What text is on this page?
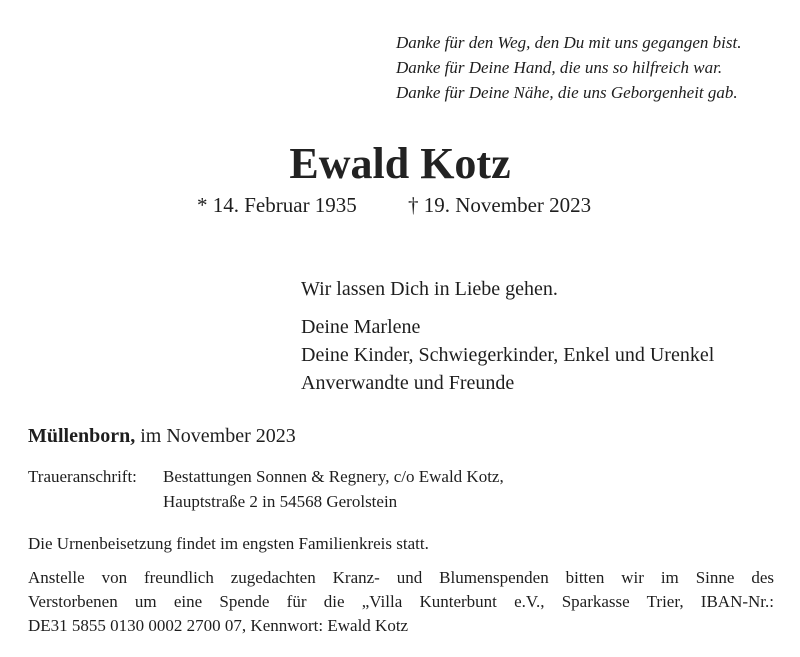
Danke für den Weg, den Du mit uns gegangen bist.
Danke für Deine Hand, die uns so hilfreich war.
Danke für Deine Nähe, die uns Geborgenheit gab.
Ewald Kotz
* 14. Februar 1935 † 19. November 2023
Wir lassen Dich in Liebe gehen.
Deine Marlene
Deine Kinder, Schwiegerkinder, Enkel und Urenkel
Anverwandte und Freunde
Müllenborn, im November 2023
Traueranschrift: Bestattungen Sonnen & Regnery, c/o Ewald Kotz,
Hauptstraße 2 in 54568 Gerolstein
Die Urnenbeisetzung findet im engsten Familienkreis statt.
Anstelle von freundlich zugedachten Kranz- und Blumenspenden bitten wir im Sinne des
Verstorbenen um eine Spende für die „Villa Kunterbunt e.V., Sparkasse Trier, IBAN-Nr.:
DE31 5855 0130 0002 2700 07, Kennwort: Ewald Kotz
